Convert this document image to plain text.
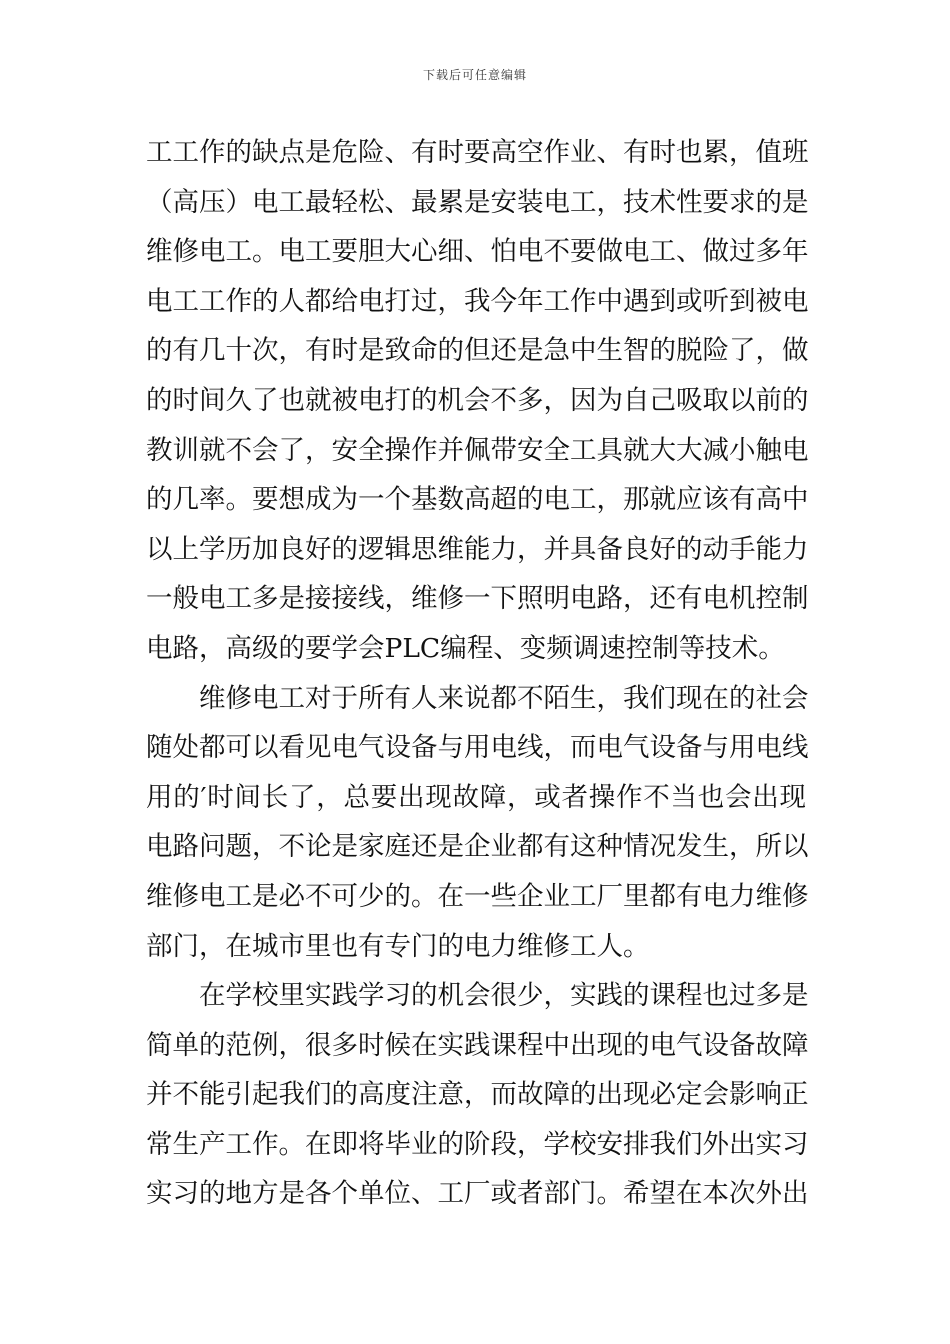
下载后可任意编辑
工工作的缺点是危险、有时要高空作业、有时也累，值班
（高压）电工最轻松、最累是安装电工，技术性要求的是
维修电工。电工要胆大心细、怕电不要做电工、做过多年
电工工作的人都给电打过，我今年工作中遇到或听到被电
的有几十次，有时是致命的但还是急中生智的脱险了，做
的时间久了也就被电打的机会不多，因为自己吸取以前的
教训就不会了，安全操作并佩带安全工具就大大减小触电
的几率。要想成为一个基数高超的电工，那就应该有高中
以上学历加良好的逻辑思维能力，并具备良好的动手能力
一般电工多是接接线，维修一下照明电路，还有电机控制
电路，高级的要学会PLC编程、变频调速控制等技术。
　　维修电工对于所有人来说都不陌生，我们现在的社会
随处都可以看见电气设备与用电线，而电气设备与用电线
用的′时间长了，总要出现故障，或者操作不当也会出现
电路问题，不论是家庭还是企业都有这种情况发生，所以
维修电工是必不可少的。在一些企业工厂里都有电力维修
部门，在城市里也有专门的电力维修工人。
　　在学校里实践学习的机会很少，实践的课程也过多是
简单的范例，很多时候在实践课程中出现的电气设备故障
并不能引起我们的高度注意，而故障的出现必定会影响正
常生产工作。在即将毕业的阶段，学校安排我们外出实习
实习的地方是各个单位、工厂或者部门。希望在本次外出
